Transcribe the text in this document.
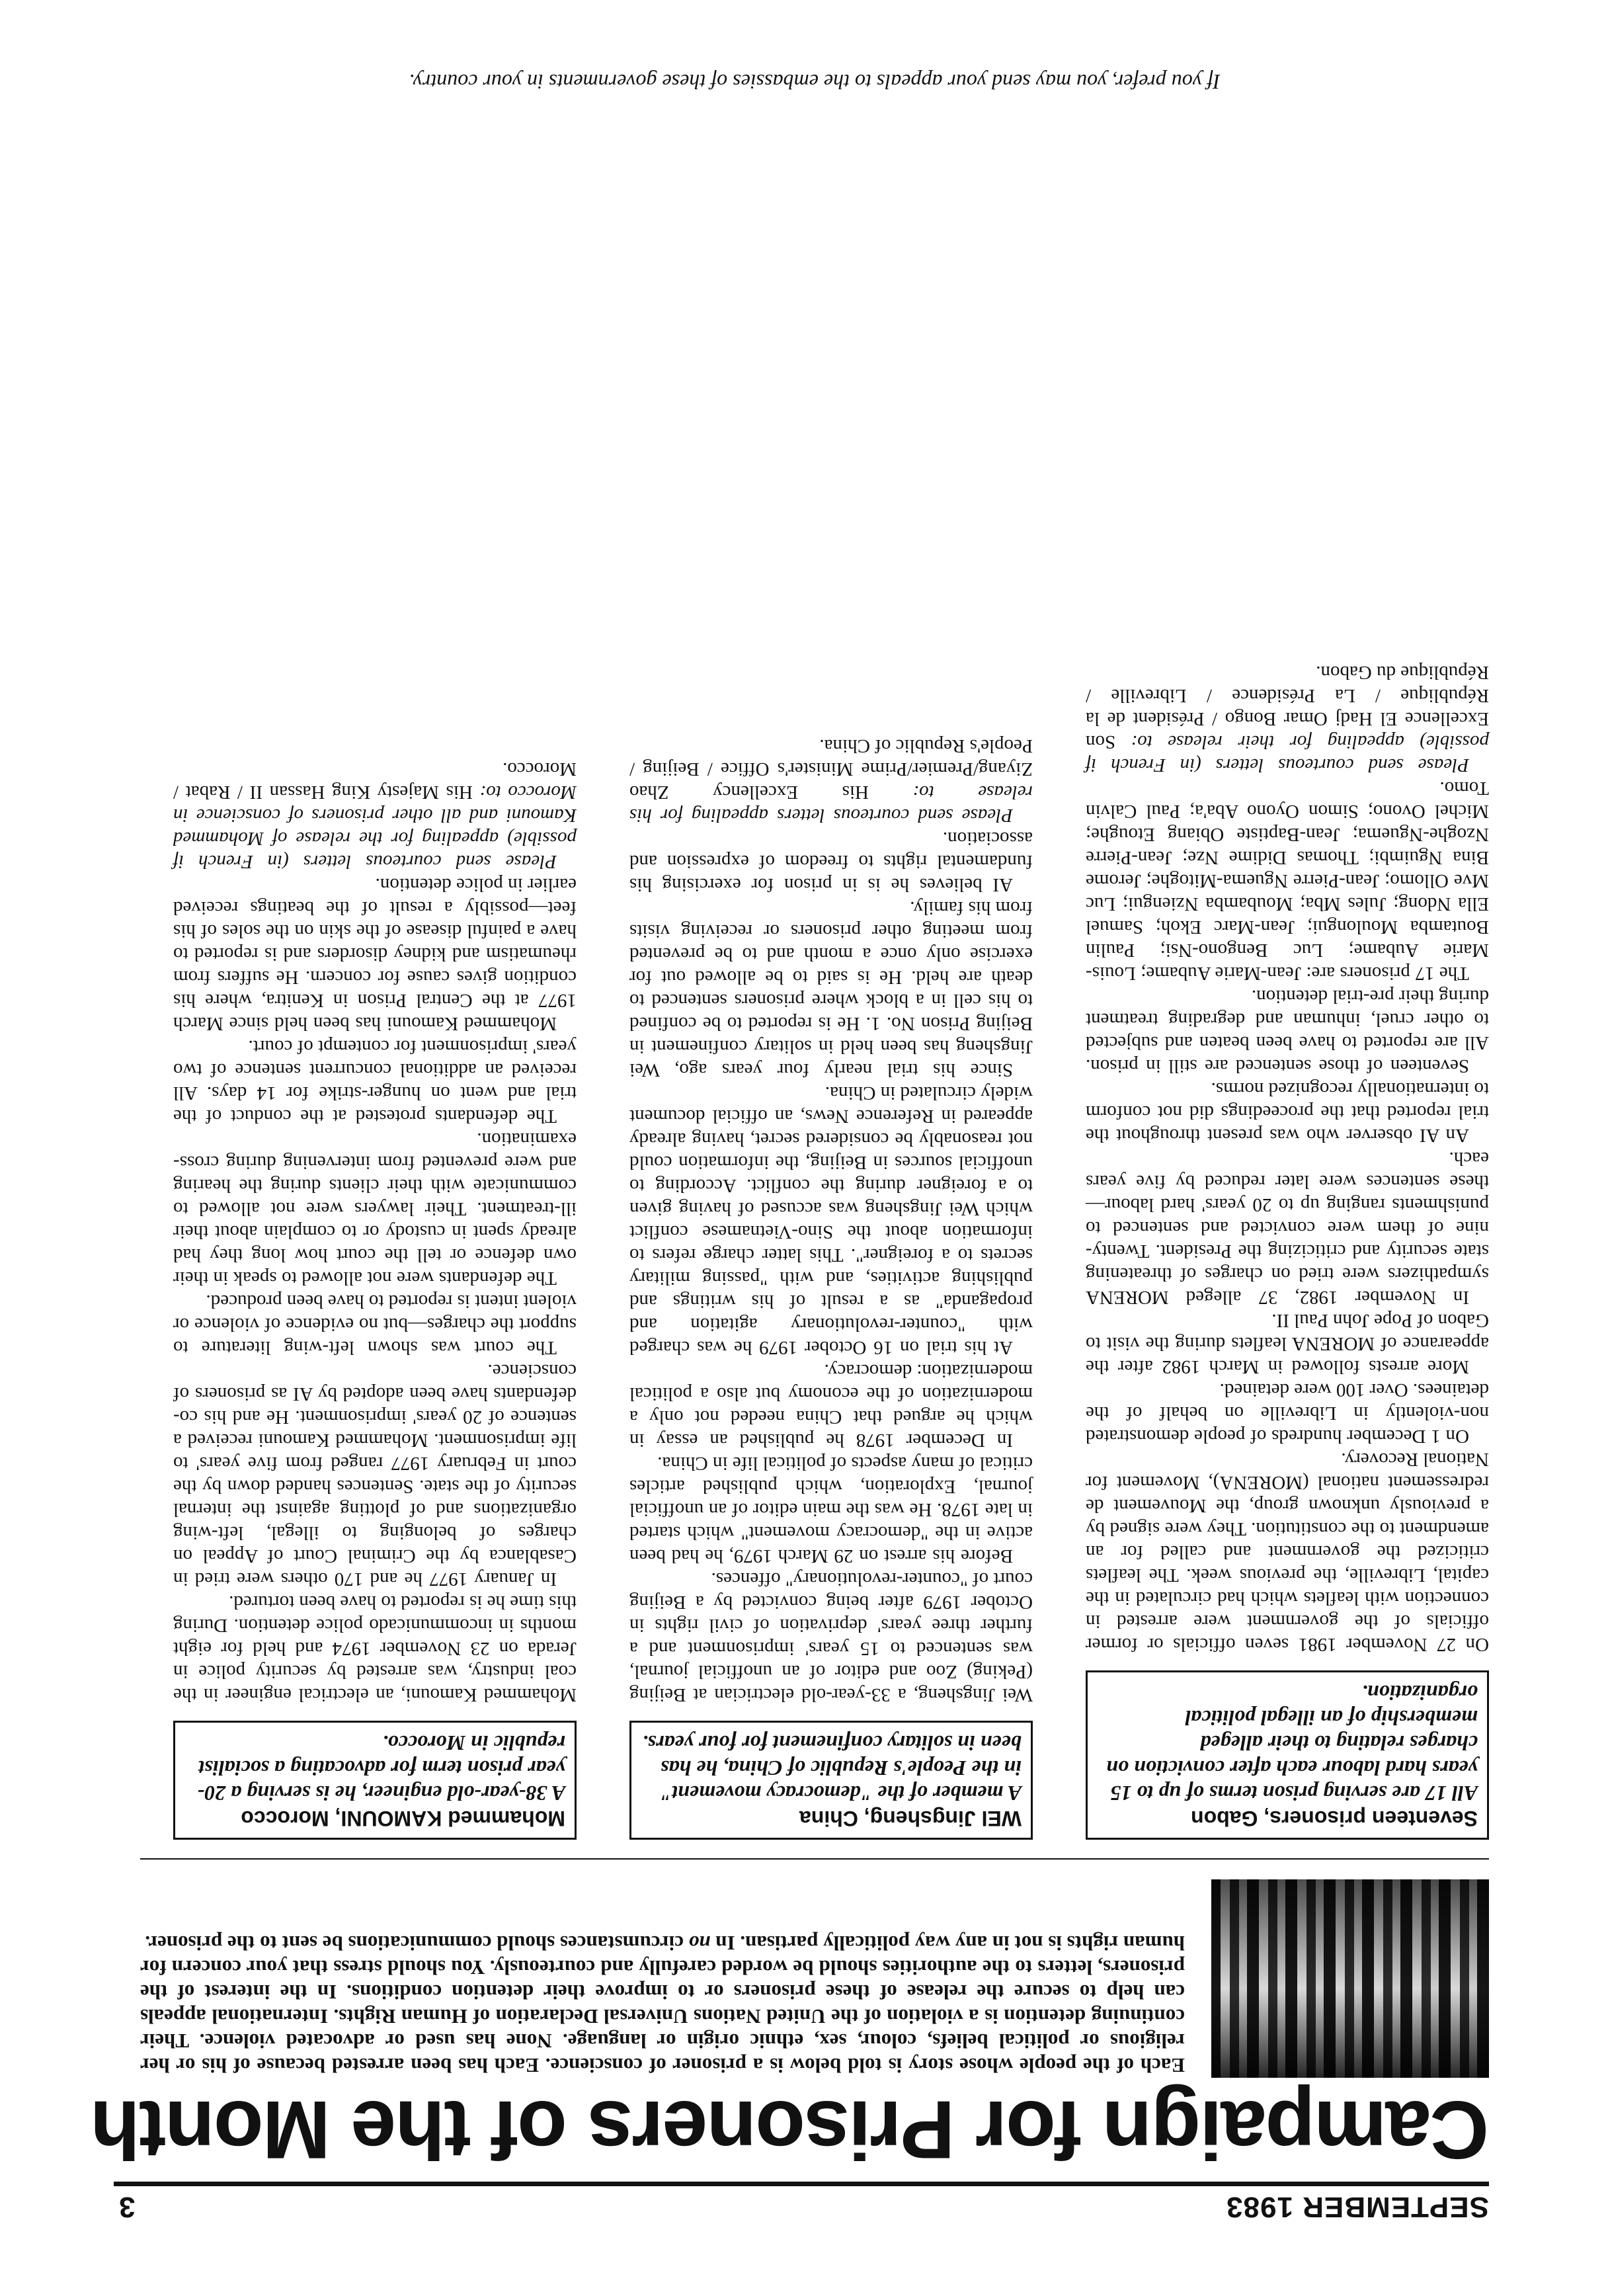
SEPTEMBER 1983
3
Campaign for Prisoners of the Month
Each of the people whose story is told below is a prisoner of conscience. Each has been arrested because of his or her religious or political beliefs, colour, sex, ethnic origin or language. None has used or advocated violence. Their continuing detention is a violation of the United Nations Universal Declaration of Human Rights. International appeals can help to secure the release of these prisoners or to improve their detention conditions. In the interest of the prisoners, letters to the authorities should be worded carefully and courteously. You should stress that your concern for human rights is not in any way politically partisan. In no circumstances should communications be sent to the prisoner.
Seventeen prisoners, Gabon
All 17 are serving prison terms of up to 15 years hard labour each after conviction on charges relating to their alleged membership of an illegal political organization.

On 27 November 1981 seven officials or former officials of the government were arrested in connection with leaflets which had circulated in the capital, Libreville, the previous week. The leaflets criticized the government and called for an amendment to the constitution. They were signed by a previously unknown group, the Mouvement de redressement national (MORENA), Movement for National Recovery.

On 1 December hundreds of people demonstrated non-violently in Libreville on behalf of the detainees. Over 100 were detained.

More arrests followed in March 1982 after the appearance of MORENA leaflets during the visit to Gabon of Pope John Paul II.

In November 1982, 37 alleged MORENA sympathizers were tried on charges of threatening state security and criticizing the President. Twenty-nine of them were convicted and sentenced to punishments ranging up to 20 years' hard labour—these sentences were later reduced by five years each.

An AI observer who was present throughout the trial reported that the proceedings did not conform to internationally recognized norms.

Seventeen of those sentenced are still in prison. All are reported to have been beaten and subjected to other cruel, inhuman and degrading treatment during their pre-trial detention.

The 17 prisoners are: Jean-Marie Aubame; Louis-Marie Aubame; Luc Bengono-Nsi; Paulin Boutamba Moulongui; Jean-Marc Ekoh; Samuel Ella Ndong; Jules Mba; Moubamba Nziengui; Luc Mve Ollomo; Jean-Pierre Nguema-Mitoghe; Jerome Bina Nguimbi; Thomas Didime Nze; Jean-Pierre Nzoghe-Nguema; Jean-Baptiste Obiang Etoughe; Michel Ovono; Simon Oyono Aba'a; Paul Calvin Tomo.

Please send courteous letters (in French if possible) appealing for their release to: Son Excellence El Hadj Omar Bongo / Président de la République / La Présidence / Libreville / République du Gabon.

WEI Jingsheng, China
A member of the "democracy movement" in the People's Republic of China, he has been in solitary confinement for four years.

Wei Jingsheng, a 33-year-old electrician at Beijing (Peking) Zoo and editor of an unofficial journal, was sentenced to 15 years' imprisonment and a further three years' deprivation of civil rights in October 1979 after being convicted by a Beijing court of "counter-revolutionary" offences.

Before his arrest on 29 March 1979, he had been active in the "democracy movement" which started in late 1978. He was the main editor of an unofficial journal, Exploration, which published articles critical of many aspects of political life in China.

In December 1978 he published an essay in which he argued that China needed not only a modernization of the economy but also a political modernization: democracy.

At his trial on 16 October 1979 he was charged with "counter-revolutionary agitation and propaganda" as a result of his writings and publishing activities, and with "passing military secrets to a foreigner". This latter charge refers to information about the Sino-Vietnamese conflict which Wei Jingsheng was accused of having given to a foreigner during the conflict. According to unofficial sources in Beijing, the information could not reasonably be considered secret, having already appeared in Reference News, an official document widely circulated in China.

Since his trial nearly four years ago, Wei Jingsheng has been held in solitary confinement in Beijing Prison No. 1. He is reported to be confined to his cell in a block where prisoners sentenced to death are held. He is said to be allowed out for exercise only once a month and to be prevented from meeting other prisoners or receiving visits from his family.

AI believes he is in prison for exercising his fundamental rights to freedom of expression and association.

Please send courteous letters appealing for his release to: His Excellency Zhao Ziyang/Premier/Prime Minister's Office / Beijing / People's Republic of China.

Mohammed KAMOUNI, Morocco
A 38-year-old engineer, he is serving a 20-year prison term for advocating a socialist republic in Morocco.

Mohammed Kamouni, an electrical engineer in the coal industry, was arrested by security police in Jerada on 23 November 1974 and held for eight months in incommunicado police detention. During this time he is reported to have been tortured.

In January 1977 he and 170 others were tried in Casablanca by the Criminal Court of Appeal on charges of belonging to illegal, left-wing organizations and of plotting against the internal security of the state. Sentences handed down by the court in February 1977 ranged from five years' to life imprisonment. Mohammed Kamouni received a sentence of 20 years' imprisonment. He and his co-defendants have been adopted by AI as prisoners of conscience.

The court was shown left-wing literature to support the charges—but no evidence of violence or violent intent is reported to have been produced.

The defendants were not allowed to speak in their own defence or tell the court how long they had already spent in custody or to complain about their ill-treatment. Their lawyers were not allowed to communicate with their clients during the hearing and were prevented from intervening during cross-examination.

The defendants protested at the conduct of the trial and went on hunger-strike for 14 days. All received an additional concurrent sentence of two years' imprisonment for contempt of court.

Mohammed Kamouni has been held since March 1977 at the Central Prison in Kenitra, where his condition gives cause for concern. He suffers from rheumatism and kidney disorders and is reported to have a painful disease of the skin on the soles of his feet—possibly a result of the beatings received earlier in police detention.

Please send courteous letters (in French if possible) appealing for the release of Mohammed Kamouni and all other prisoners of conscience in Morocco to: His Majesty King Hassan II / Rabat / Morocco.

If you prefer, you may send your appeals to the embassies of these governments in your country.
